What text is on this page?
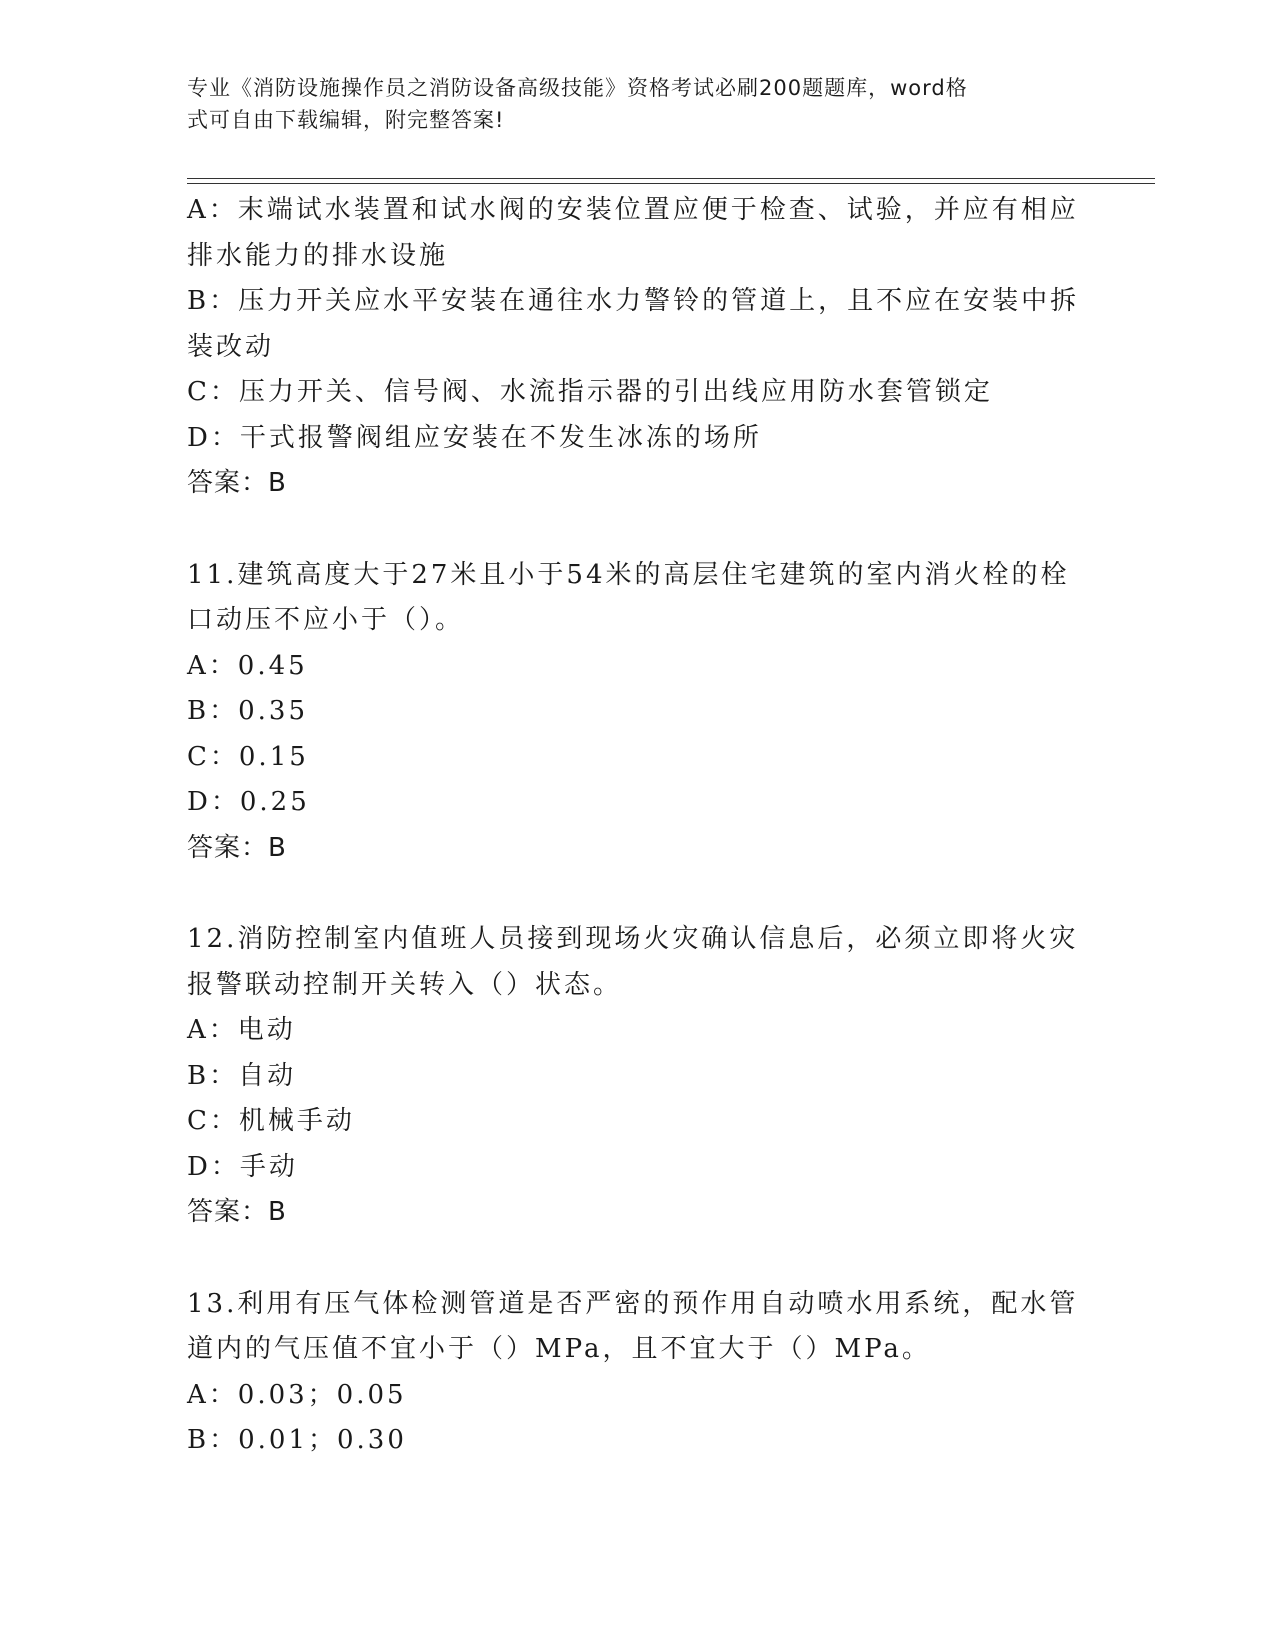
专业《消防设施操作员之消防设备高级技能》资格考试必刷200题题库，word格
式可自由下载编辑，附完整答案!
A：末端试水装置和试水阀的安装位置应便于检查、试验，并应有相应
排水能力的排水设施
B：压力开关应水平安装在通往水力警铃的管道上，且不应在安装中拆
装改动
C：压力开关、信号阀、水流指示器的引出线应用防水套管锁定
D：干式报警阀组应安装在不发生冰冻的场所
答案：B
11.建筑高度大于27米且小于54米的高层住宅建筑的室内消火栓的栓
口动压不应小于（）。
A：0.45
B：0.35
C：0.15
D：0.25
答案：B
12.消防控制室内值班人员接到现场火灾确认信息后，必须立即将火灾
报警联动控制开关转入（）状态。
A：电动
B：自动
C：机械手动
D：手动
答案：B
13.利用有压气体检测管道是否严密的预作用自动喷水用系统，配水管
道内的气压值不宜小于（）MPa，且不宜大于（）MPa。
A：0.03；0.05
B：0.01；0.30
